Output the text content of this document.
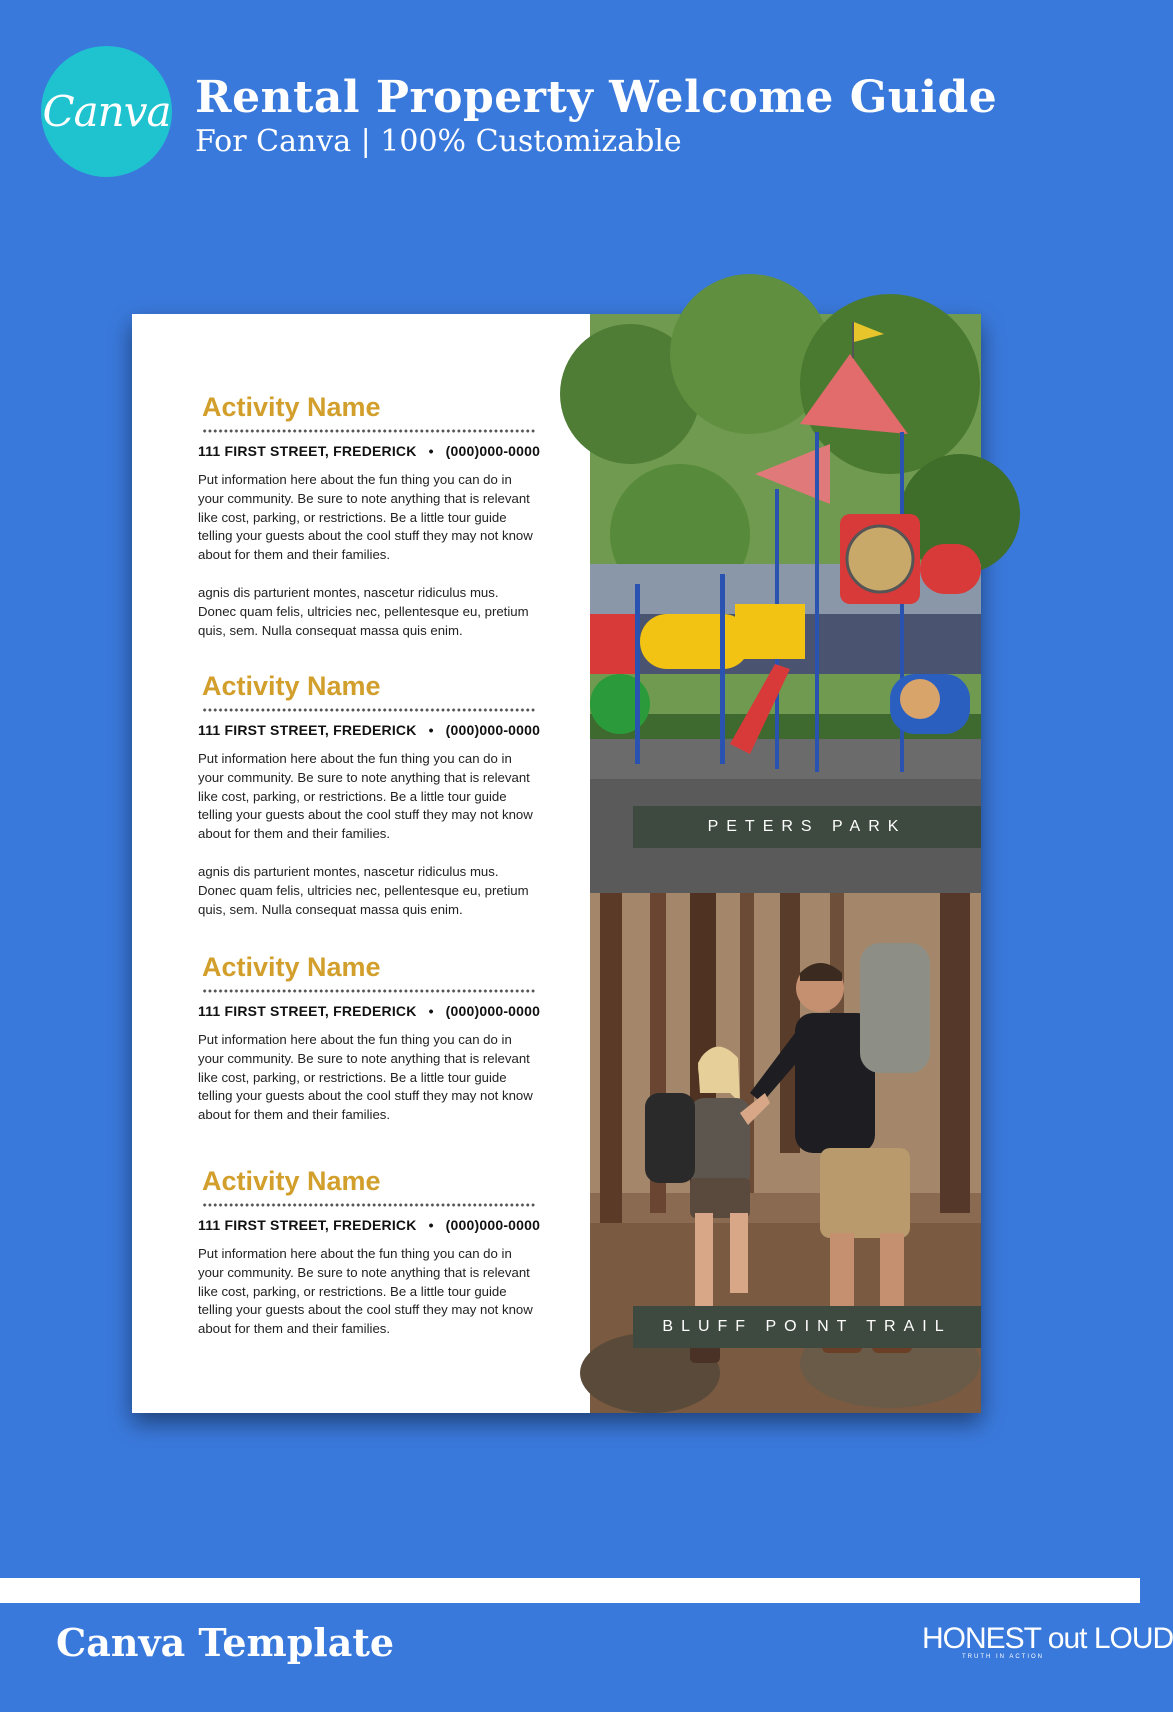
Canva Rental Property Welcome Guide
For Canva | 100% Customizable
Activity Name
111 FIRST STREET, FREDERICK • (000)000-0000
Put information here about the fun thing you can do in your community. Be sure to note anything that is relevant like cost, parking, or restrictions. Be a little tour guide telling your guests about the cool stuff they may not know about for them and their families.
agnis dis parturient montes, nascetur ridiculus mus. Donec quam felis, ultricies nec, pellentesque eu, pretium quis, sem. Nulla consequat massa quis enim.
Activity Name
111 FIRST STREET, FREDERICK • (000)000-0000
Put information here about the fun thing you can do in your community. Be sure to note anything that is relevant like cost, parking, or restrictions. Be a little tour guide telling your guests about the cool stuff they may not know about for them and their families.
agnis dis parturient montes, nascetur ridiculus mus. Donec quam felis, ultricies nec, pellentesque eu, pretium quis, sem. Nulla consequat massa quis enim.
Activity Name
111 FIRST STREET, FREDERICK • (000)000-0000
Put information here about the fun thing you can do in your community. Be sure to note anything that is relevant like cost, parking, or restrictions. Be a little tour guide telling your guests about the cool stuff they may not know about for them and their families.
Activity Name
111 FIRST STREET, FREDERICK • (000)000-0000
Put information here about the fun thing you can do in your community. Be sure to note anything that is relevant like cost, parking, or restrictions. Be a little tour guide telling your guests about the cool stuff they may not know about for them and their families.
PETERS PARK
BLUFF POINT TRAIL
Canva Template	HONEST out LOUD
TRUTH IN ACTION
